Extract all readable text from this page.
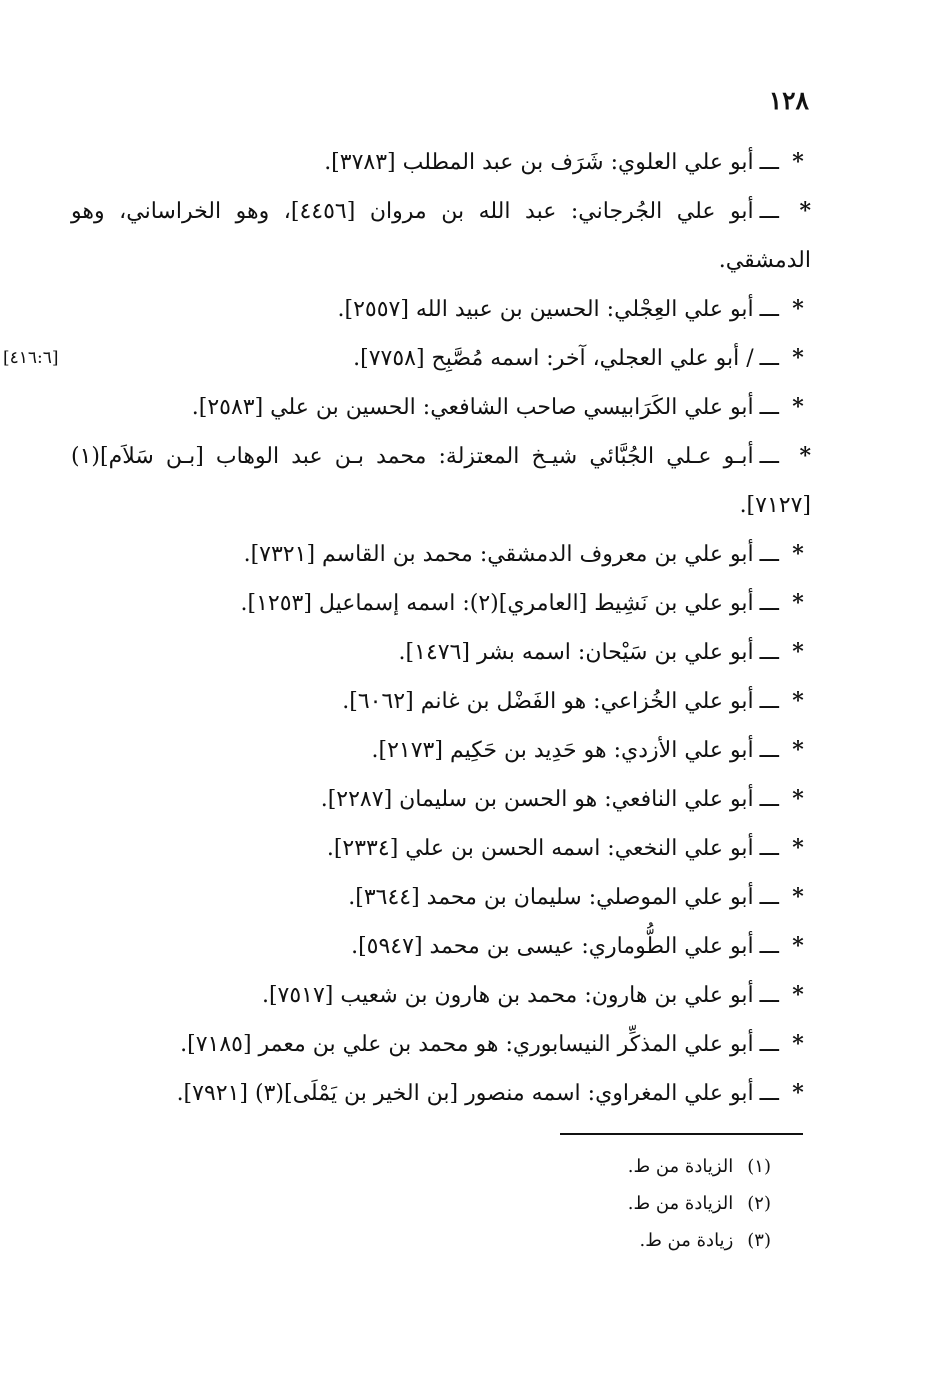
١٢٨

*ـــأبو علي العلوي: شَرَف بن عبد المطلب [٣٧٨٣].

*ـــأبو علي الجُرجاني: عبد الله بن مروان [٤٤٥٦]، وهو الخراساني، وهو الدمشقي.

*ـــأبو علي العِجْلي: الحسين بن عبيد الله [٢٥٥٧].

*ـــ/ أبو علي العجلي، آخر: اسمه مُصَّبِح [٧٧٥٨].
[٤١٦:٦]

*ـــأبو علي الكَرَابيسي صاحب الشافعي: الحسين بن علي [٢٥٨٣].

*ـــأبـو عـلي الجُبَّائي شيـخ المعتزلة: محمد بـن عبد الوهاب [بـن سَلاَم](١) [٧١٢٧].

*ـــأبو علي بن معروف الدمشقي: محمد بن القاسم [٧٣٢١].

*ـــأبو علي بن نَشِيط [العامري](٢): اسمه إسماعيل [١٢٥٣].

*ـــأبو علي بن سَيْحان: اسمه بشر [١٤٧٦].

*ـــأبو علي الخُزاعي: هو الفَضْل بن غانم [٦٠٦٢].

*ـــأبو علي الأزدي: هو حَدِيد بن حَكِيم [٢١٧٣].

*ـــأبو علي النافعي: هو الحسن بن سليمان [٢٢٨٧].

*ـــأبو علي النخعي: اسمه الحسن بن علي [٢٣٣٤].

*ـــأبو علي الموصلي: سليمان بن محمد [٣٦٤٤].

*ـــأبو علي الطُّوماري: عيسى بن محمد [٥٩٤٧].

*ـــأبو علي بن هارون: محمد بن هارون بن شعيب [٧٥١٧].

*ـــأبو علي المذكِّر النيسابوري: هو محمد بن علي بن معمر [٧١٨٥].

*ـــأبو علي المغراوي: اسمه منصور [بن الخير بن يَمْلَى](٣) [٧٩٢١].

(١)الزيادة من ط.
(٢)الزيادة من ط.
(٣)زيادة من ط.
